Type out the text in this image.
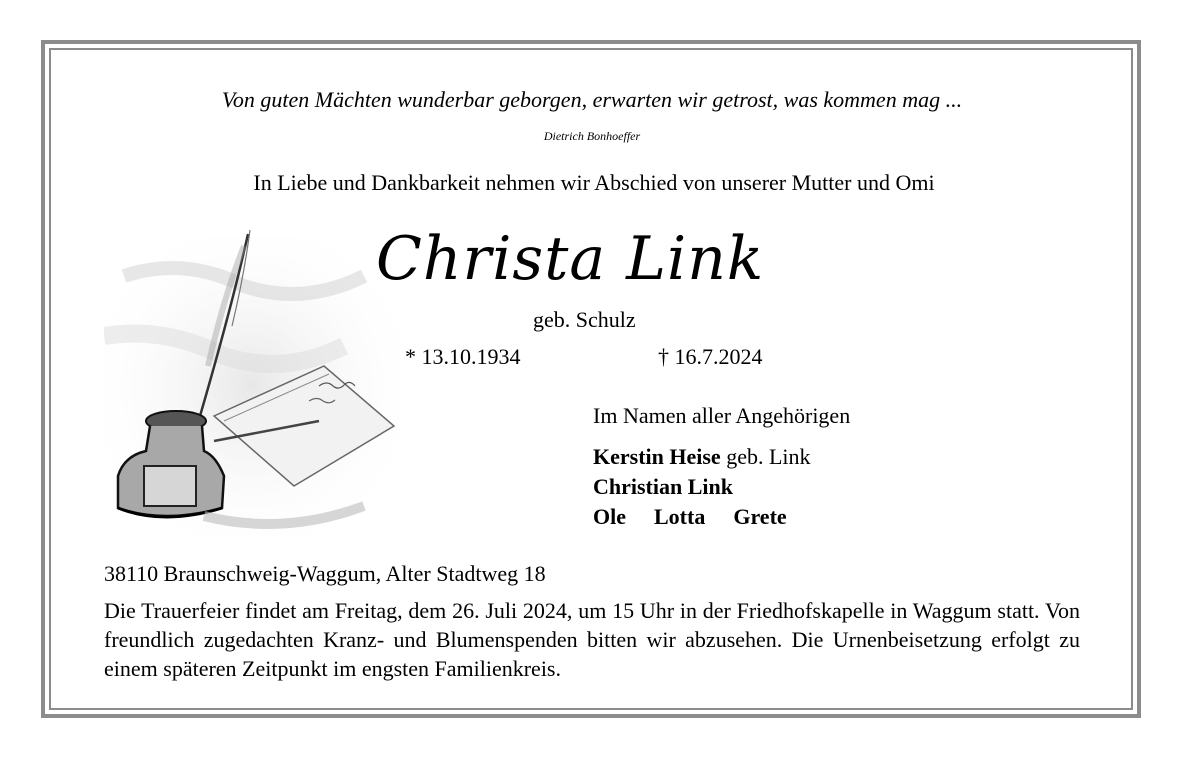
Von guten Mächten wunderbar geborgen, erwarten wir getrost, was kommen mag ...
Dietrich Bonhoeffer
In Liebe und Dankbarkeit nehmen wir Abschied von unserer Mutter und Omi
Christa Link
geb. Schulz
* 13.10.1934	† 16.7.2024
Im Namen aller Angehörigen
Kerstin Heise geb. Link
Christian Link
Ole Lotta Grete
38110 Braunschweig-Waggum, Alter Stadtweg 18
Die Trauerfeier findet am Freitag, dem 26. Juli 2024, um 15 Uhr in der Friedhofskapelle in Waggum statt. Von freundlich zugedachten Kranz- und Blumenspenden bitten wir abzusehen. Die Urnenbeisetzung erfolgt zu einem späteren Zeitpunkt im engsten Familienkreis.
